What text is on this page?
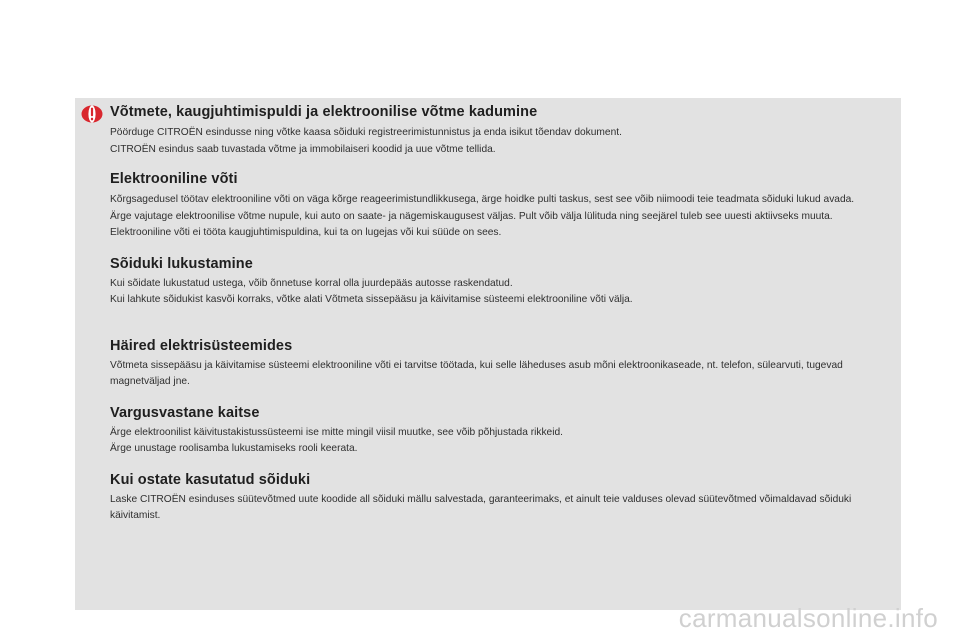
Võtmete, kaugjuhtimispuldi ja elektroonilise võtme kadumine

Pöörduge CITROËN esindusse ning võtke kaasa sõiduki registreerimistunnistus ja enda isikut tõendav dokument.

CITROËN esindus saab tuvastada võtme ja immobilaiseri koodid ja uue võtme tellida.

Elektrooniline võti

Kõrgsagedusel töötav elektrooniline võti on väga kõrge reageerimistundlikkusega, ärge hoidke pulti taskus, sest see võib niimoodi teie teadmata sõiduki lukud avada.

Ärge vajutage elektroonilise võtme nupule, kui auto on saate- ja nägemiskaugusest väljas. Pult võib välja lülituda ning seejärel tuleb see uuesti aktiivseks muuta.

Elektrooniline võti ei tööta kaugjuhtimispuldina, kui ta on lugejas või kui süüde on sees.

Sõiduki lukustamine

Kui sõidate lukustatud ustega, võib õnnetuse korral olla juurdepääs autosse raskendatud.

Kui lahkute sõidukist kasvõi korraks, võtke alati Võtmeta sissepääsu ja käivitamise süsteemi elektrooniline võti välja.

Häired elektrisüsteemides

Võtmeta sissepääsu ja käivitamise süsteemi elektrooniline võti ei tarvitse töötada, kui selle läheduses asub mõni elektroonikaseade, nt. telefon, sülearvuti, tugevad magnetväljad jne.

Vargusvastane kaitse

Ärge elektroonilist käivitustakistussüsteemi ise mitte mingil viisil muutke, see võib põhjustada rikkeid.

Ärge unustage roolisamba lukustamiseks rooli keerata.

Kui ostate kasutatud sõiduki

Laske CITROËN esinduses süütevõtmed uute koodide all sõiduki mällu salvestada, garanteerimaks, et ainult teie valduses olevad süütevõtmed võimaldavad sõiduki käivitamist.

carmanualsonline.info
